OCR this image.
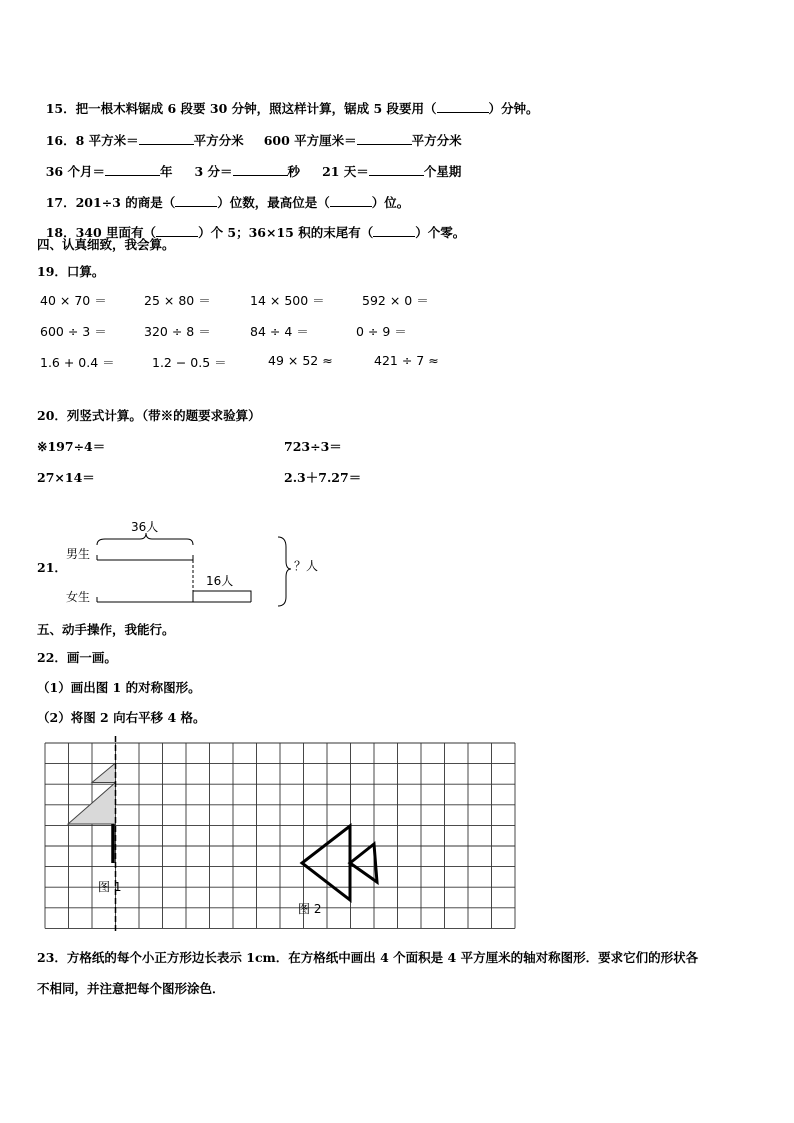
15．把一根木料锯成 6 段要 30 分钟，照这样计算，锯成 5 段要用（	）分钟。

16．8 平方米＝	平方分米 600 平方厘米＝	平方分米

36 个月＝	年 3 分＝	秒 21 天＝	个星期

17．201÷3 的商是（	）位数，最高位是（	）位。

18．340 里面有（	）个 5；36×15 积的末尾有（	）个零。

四、认真细致，我会算。
19．口算。
40 × 70 ＝	25 × 80 ＝	14 × 500 ＝	592 × 0 ＝
600 ÷ 3 ＝	320 ÷ 8 ＝	84 ÷ 4 ＝	0 ÷ 9 ＝
1.6 + 0.4 ＝	1.2 − 0.5 ＝	49 × 52 ≈	421 ÷ 7 ≈
20．列竖式计算。（带※的题要求验算）
※197÷4＝	723÷3＝
27×14＝	2.3＋7.27＝
21．
36人
男生
女生
16人
？人
五、动手操作，我能行。
22．画一画。
（1）画出图 1 的对称图形。
（2）将图 2 向右平移 4 格。
图 1
图 2
23．方格纸的每个小正方形边长表示 1cm．在方格纸中画出 4 个面积是 4 平方厘米的轴对称图形．要求它们的形状各
不相同，并注意把每个图形涂色．
